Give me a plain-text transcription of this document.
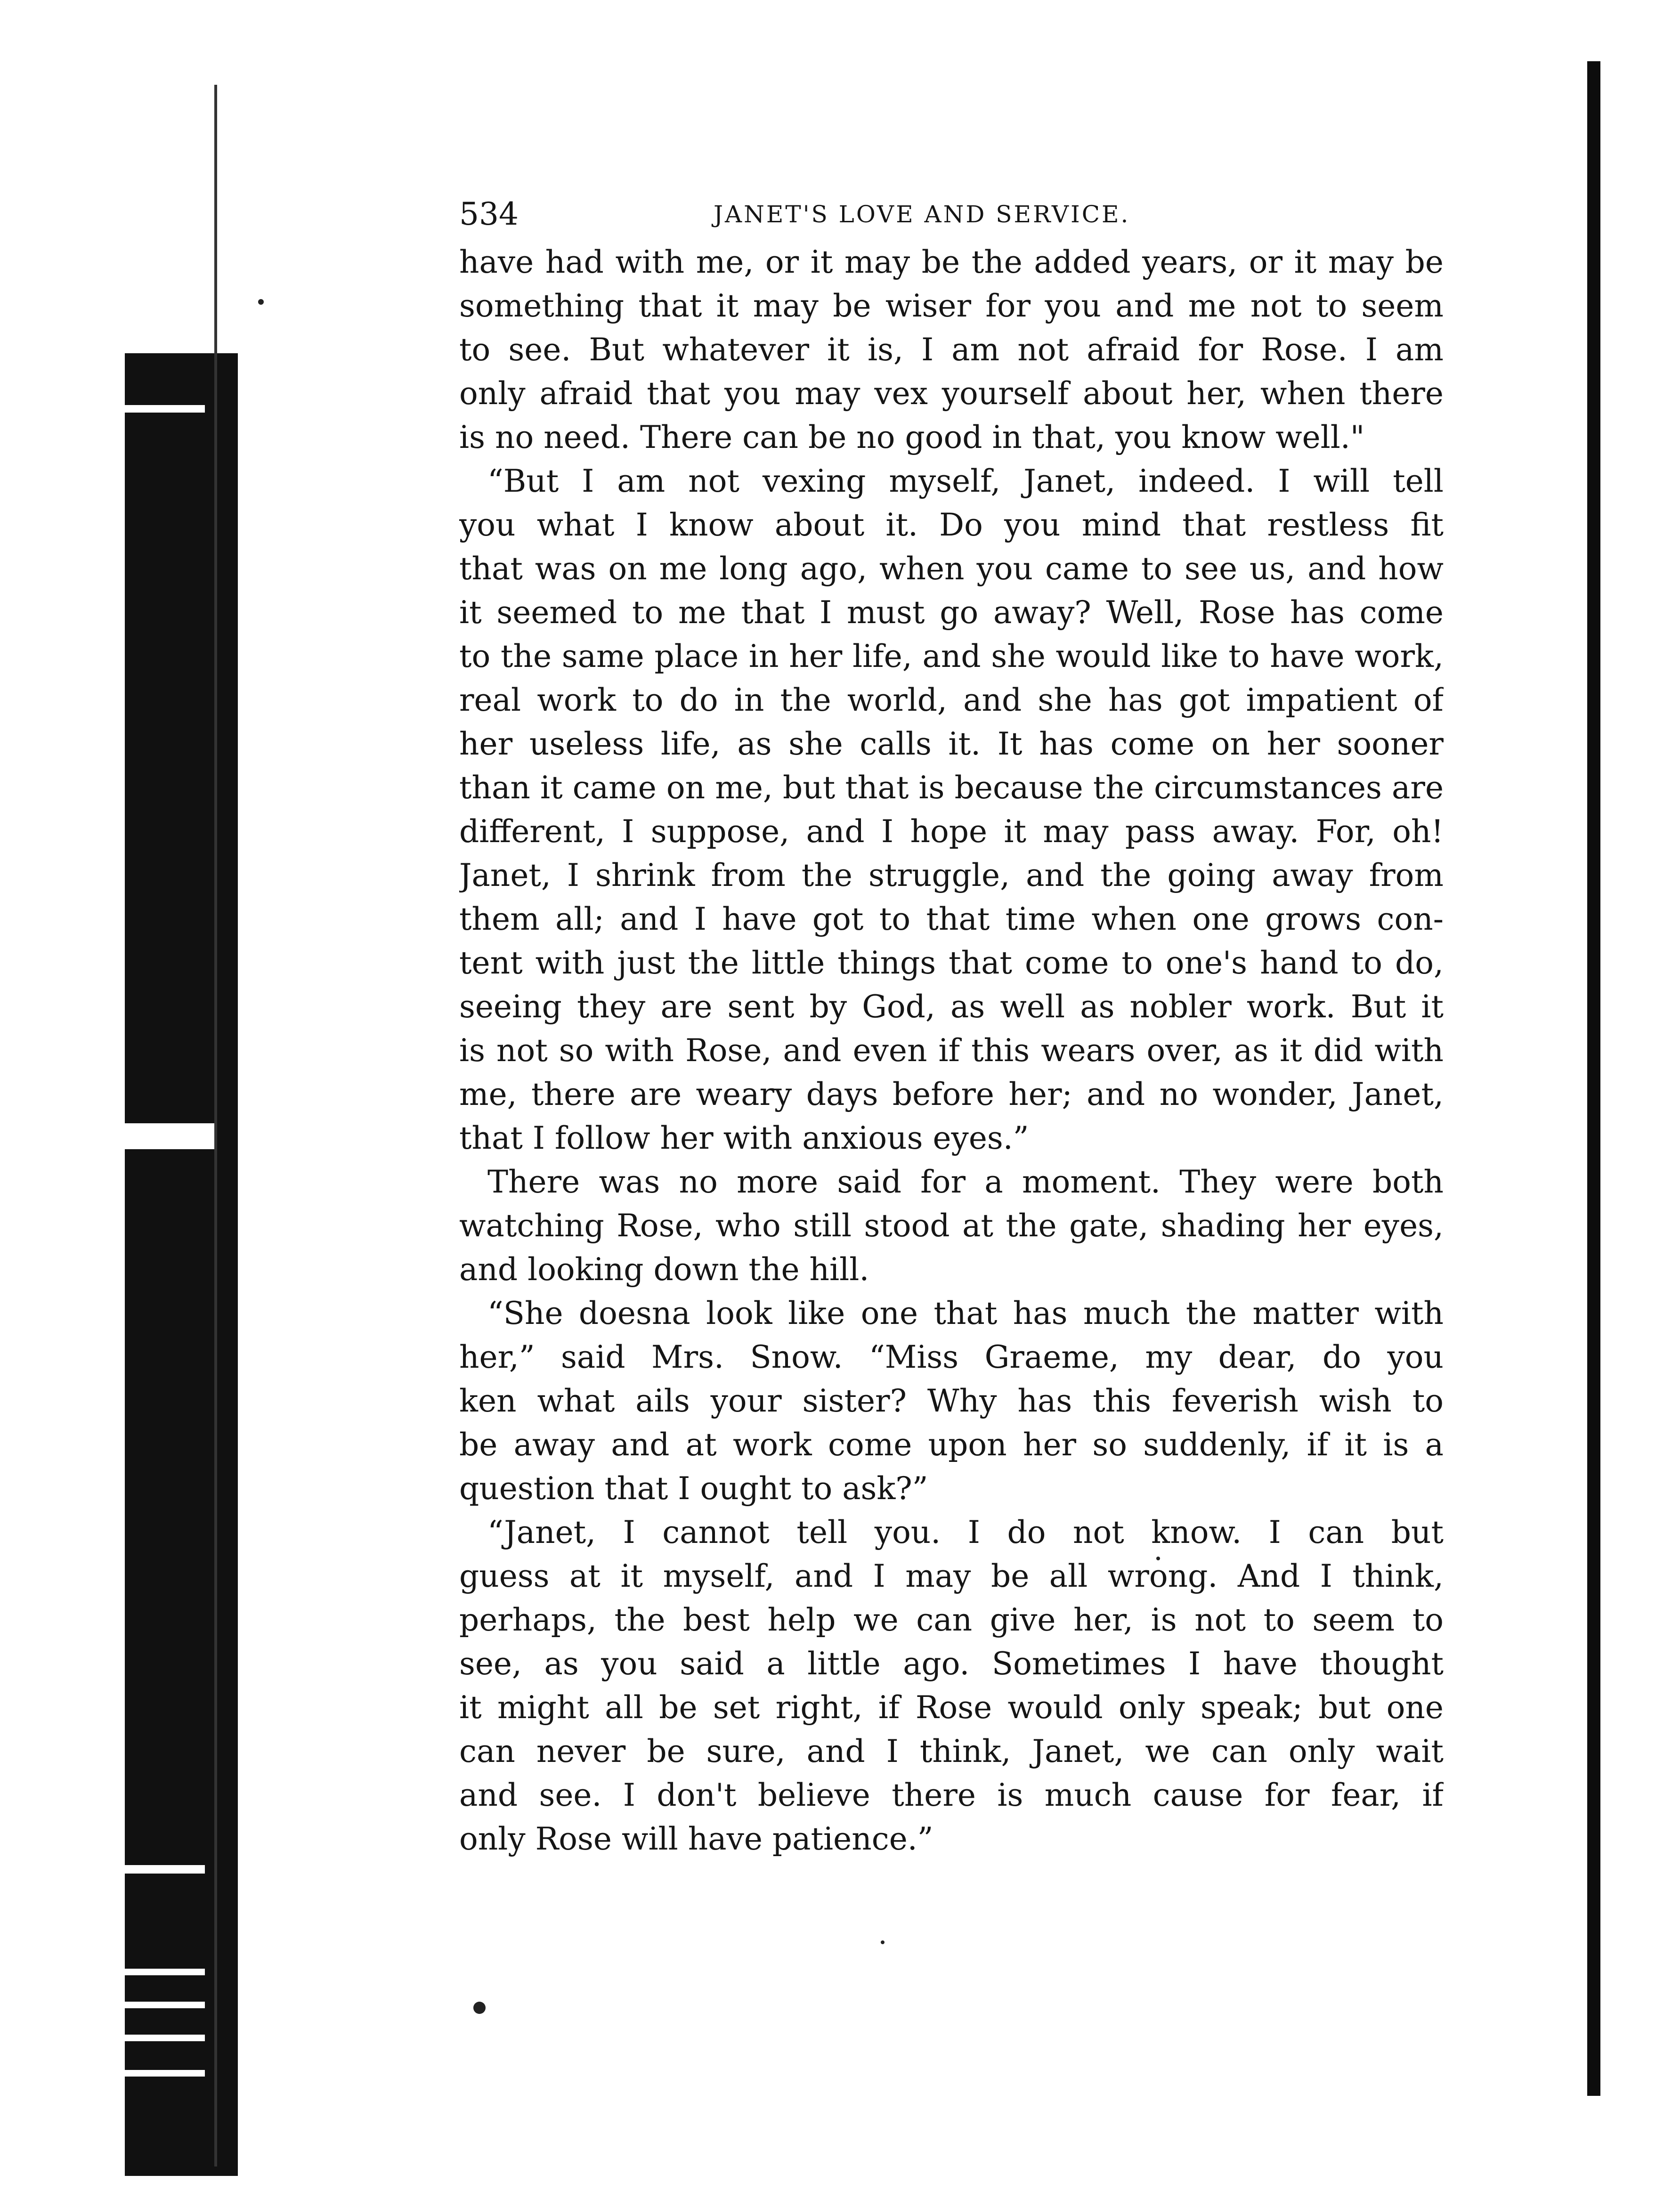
534	JANET'S LOVE AND SERVICE.
have had with me, or it may be the added years, or it may be
something that it may be wiser for you and me not to seem
to see. But whatever it is, I am not afraid for Rose. I am
only afraid that you may vex yourself about her, when there
is no need. There can be no good in that, you know well."
“But I am not vexing myself, Janet, indeed. I will tell
you what I know about it. Do you mind that restless fit
that was on me long ago, when you came to see us, and how
it seemed to me that I must go away? Well, Rose has come
to the same place in her life, and she would like to have work,
real work to do in the world, and she has got impatient of
her useless life, as she calls it. It has come on her sooner
than it came on me, but that is because the circumstances are
different, I suppose, and I hope it may pass away. For, oh!
Janet, I shrink from the struggle, and the going away from
them all; and I have got to that time when one grows con-
tent with just the little things that come to one's hand to do,
seeing they are sent by God, as well as nobler work. But it
is not so with Rose, and even if this wears over, as it did with
me, there are weary days before her; and no wonder, Janet,
that I follow her with anxious eyes.”
There was no more said for a moment. They were both
watching Rose, who still stood at the gate, shading her eyes,
and looking down the hill.
“She doesna look like one that has much the matter with
her,” said Mrs. Snow. “Miss Graeme, my dear, do you
ken what ails your sister? Why has this feverish wish to
be away and at work come upon her so suddenly, if it is a
question that I ought to ask?”
“Janet, I cannot tell you. I do not know. I can but
guess at it myself, and I may be all wrong. And I think,
perhaps, the best help we can give her, is not to seem to
see, as you said a little ago. Sometimes I have thought
it might all be set right, if Rose would only speak; but one
can never be sure, and I think, Janet, we can only wait
and see. I don't believe there is much cause for fear, if
only Rose will have patience.”
